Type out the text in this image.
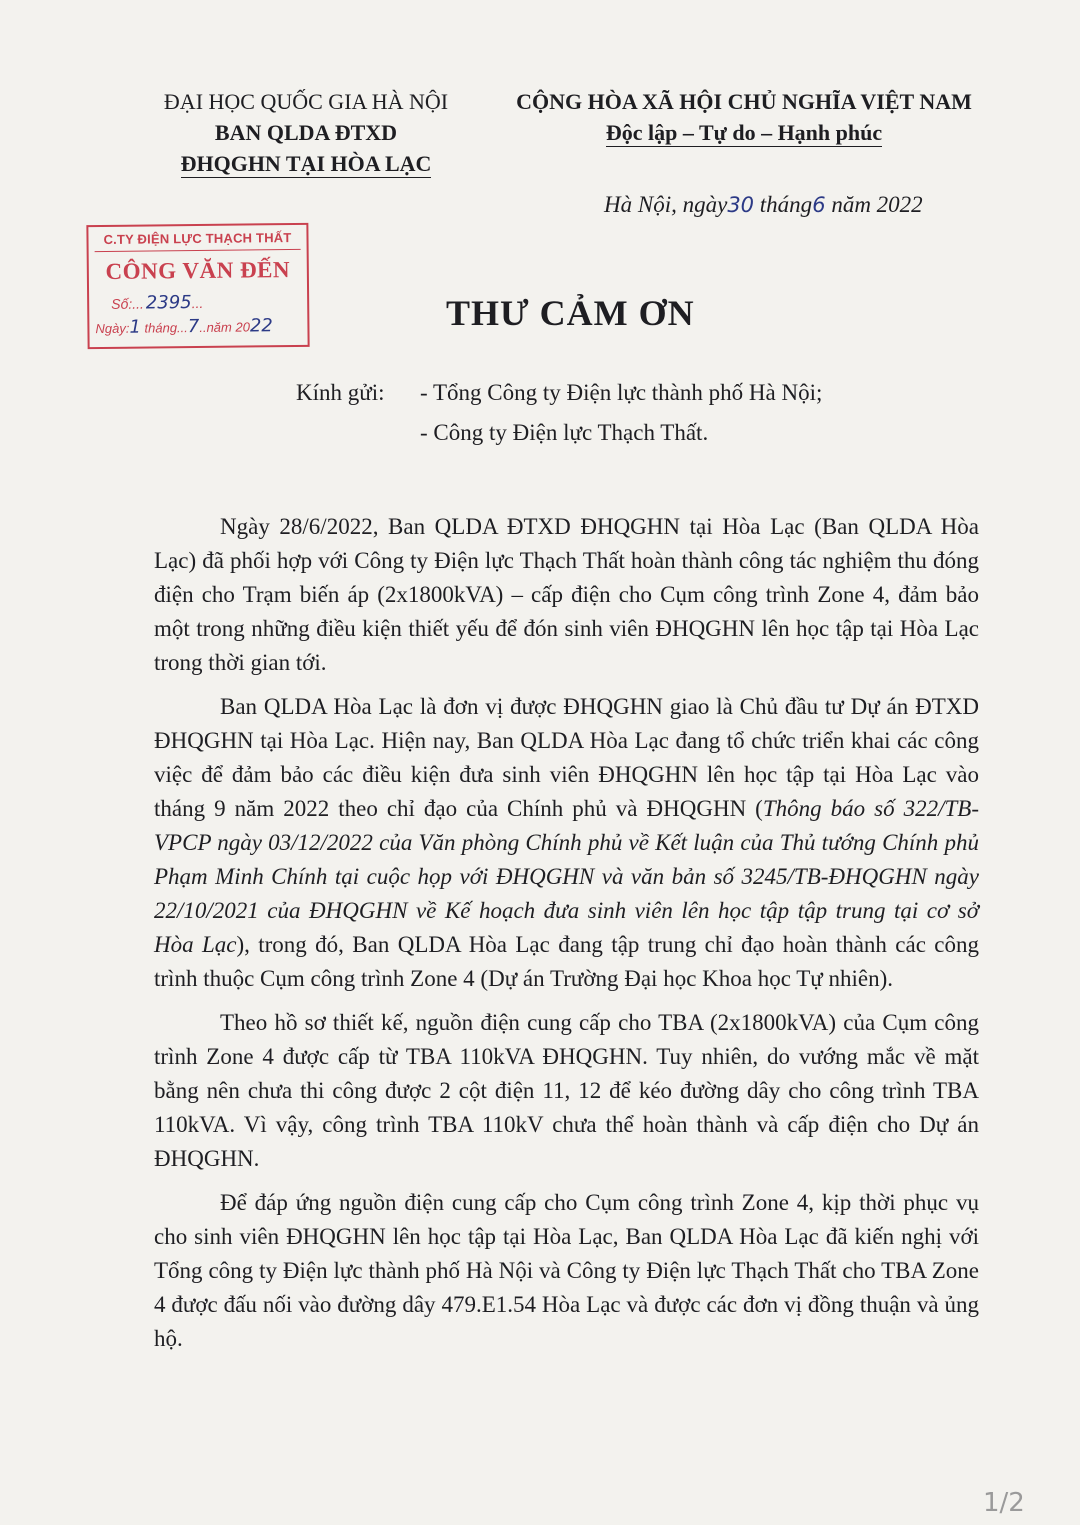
ĐẠI HỌC QUỐC GIA HÀ NỘI
BAN QLDA ĐTXD
ĐHQGHN TẠI HÒA LẠC
CỘNG HÒA XÃ HỘI CHỦ NGHĨA VIỆT NAM
Độc lập – Tự do – Hạnh phúc
Hà Nội, ngày30 tháng6 năm 2022
C.TY ĐIỆN LỰC THẠCH THẤT
CÔNG VĂN ĐẾN
Số:... 2395...
Ngày:1 tháng...7..năm 2022	THƯ CẢM ƠN
Kính gửi: - Tổng Công ty Điện lực thành phố Hà Nội;
- Công ty Điện lực Thạch Thất.

Ngày 28/6/2022, Ban QLDA ĐTXD ĐHQGHN tại Hòa Lạc (Ban QLDA Hòa Lạc) đã phối hợp với Công ty Điện lực Thạch Thất hoàn thành công tác nghiệm thu đóng điện cho Trạm biến áp (2x1800kVA) – cấp điện cho Cụm công trình Zone 4, đảm bảo một trong những điều kiện thiết yếu để đón sinh viên ĐHQGHN lên học tập tại Hòa Lạc trong thời gian tới.

Ban QLDA Hòa Lạc là đơn vị được ĐHQGHN giao là Chủ đầu tư Dự án ĐTXD ĐHQGHN tại Hòa Lạc. Hiện nay, Ban QLDA Hòa Lạc đang tổ chức triển khai các công việc để đảm bảo các điều kiện đưa sinh viên ĐHQGHN lên học tập tại Hòa Lạc vào tháng 9 năm 2022 theo chỉ đạo của Chính phủ và ĐHQGHN (Thông báo số 322/TB-VPCP ngày 03/12/2022 của Văn phòng Chính phủ về Kết luận của Thủ tướng Chính phủ Phạm Minh Chính tại cuộc họp với ĐHQGHN và văn bản số 3245/TB-ĐHQGHN ngày 22/10/2021 của ĐHQGHN về Kế hoạch đưa sinh viên lên học tập tập trung tại cơ sở Hòa Lạc), trong đó, Ban QLDA Hòa Lạc đang tập trung chỉ đạo hoàn thành các công trình thuộc Cụm công trình Zone 4 (Dự án Trường Đại học Khoa học Tự nhiên).

Theo hồ sơ thiết kế, nguồn điện cung cấp cho TBA (2x1800kVA) của Cụm công trình Zone 4 được cấp từ TBA 110kVA ĐHQGHN. Tuy nhiên, do vướng mắc về mặt bằng nên chưa thi công được 2 cột điện 11, 12 để kéo đường dây cho công trình TBA 110kVA. Vì vậy, công trình TBA 110kV chưa thể hoàn thành và cấp điện cho Dự án ĐHQGHN.

Để đáp ứng nguồn điện cung cấp cho Cụm công trình Zone 4, kịp thời phục vụ cho sinh viên ĐHQGHN lên học tập tại Hòa Lạc, Ban QLDA Hòa Lạc đã kiến nghị với Tổng công ty Điện lực thành phố Hà Nội và Công ty Điện lực Thạch Thất cho TBA Zone 4 được đấu nối vào đường dây 479.E1.54 Hòa Lạc và được các đơn vị đồng thuận và ủng hộ.

1/2
